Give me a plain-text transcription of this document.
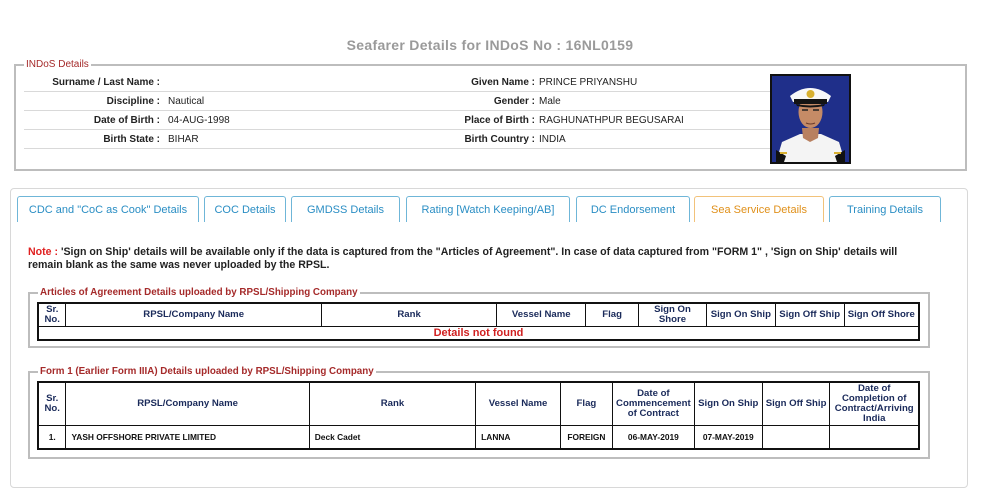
Seafarer Details for INDoS No : 16NL0159
INDoS Details
Surname / Last Name :	Given Name : PRINCE PRIYANSHU
Discipline : Nautical	Gender : Male
Date of Birth : 04-AUG-1998	Place of Birth : RAGHUNATHPUR BEGUSARAI
Birth State : BIHAR	Birth Country : INDIA
CDC and "CoC as Cook" Details	COC Details	GMDSS Details	Rating [Watch Keeping/AB]	DC Endorsement	Sea Service Details	Training Details
Note : 'Sign on Ship' details will be available only if the data is captured from the "Articles of Agreement". In case of data captured from "FORM 1" , 'Sign on Ship' details will remain blank as the same was never uploaded by the RPSL.
Articles of Agreement Details uploaded by RPSL/Shipping Company
Sr. No.	RPSL/Company Name	Rank	Vessel Name	Flag	Sign On Shore	Sign On Ship	Sign Off Ship	Sign Off Shore
Details not found
Form 1 (Earlier Form IIIA) Details uploaded by RPSL/Shipping Company
Sr. No.	RPSL/Company Name	Rank	Vessel Name	Flag	Date of Commencement of Contract	Sign On Ship	Sign Off Ship	Date of Completion of Contract/Arriving India
1.	YASH OFFSHORE PRIVATE LIMITED	Deck Cadet	LANNA	FOREIGN	06-MAY-2019	07-MAY-2019		
